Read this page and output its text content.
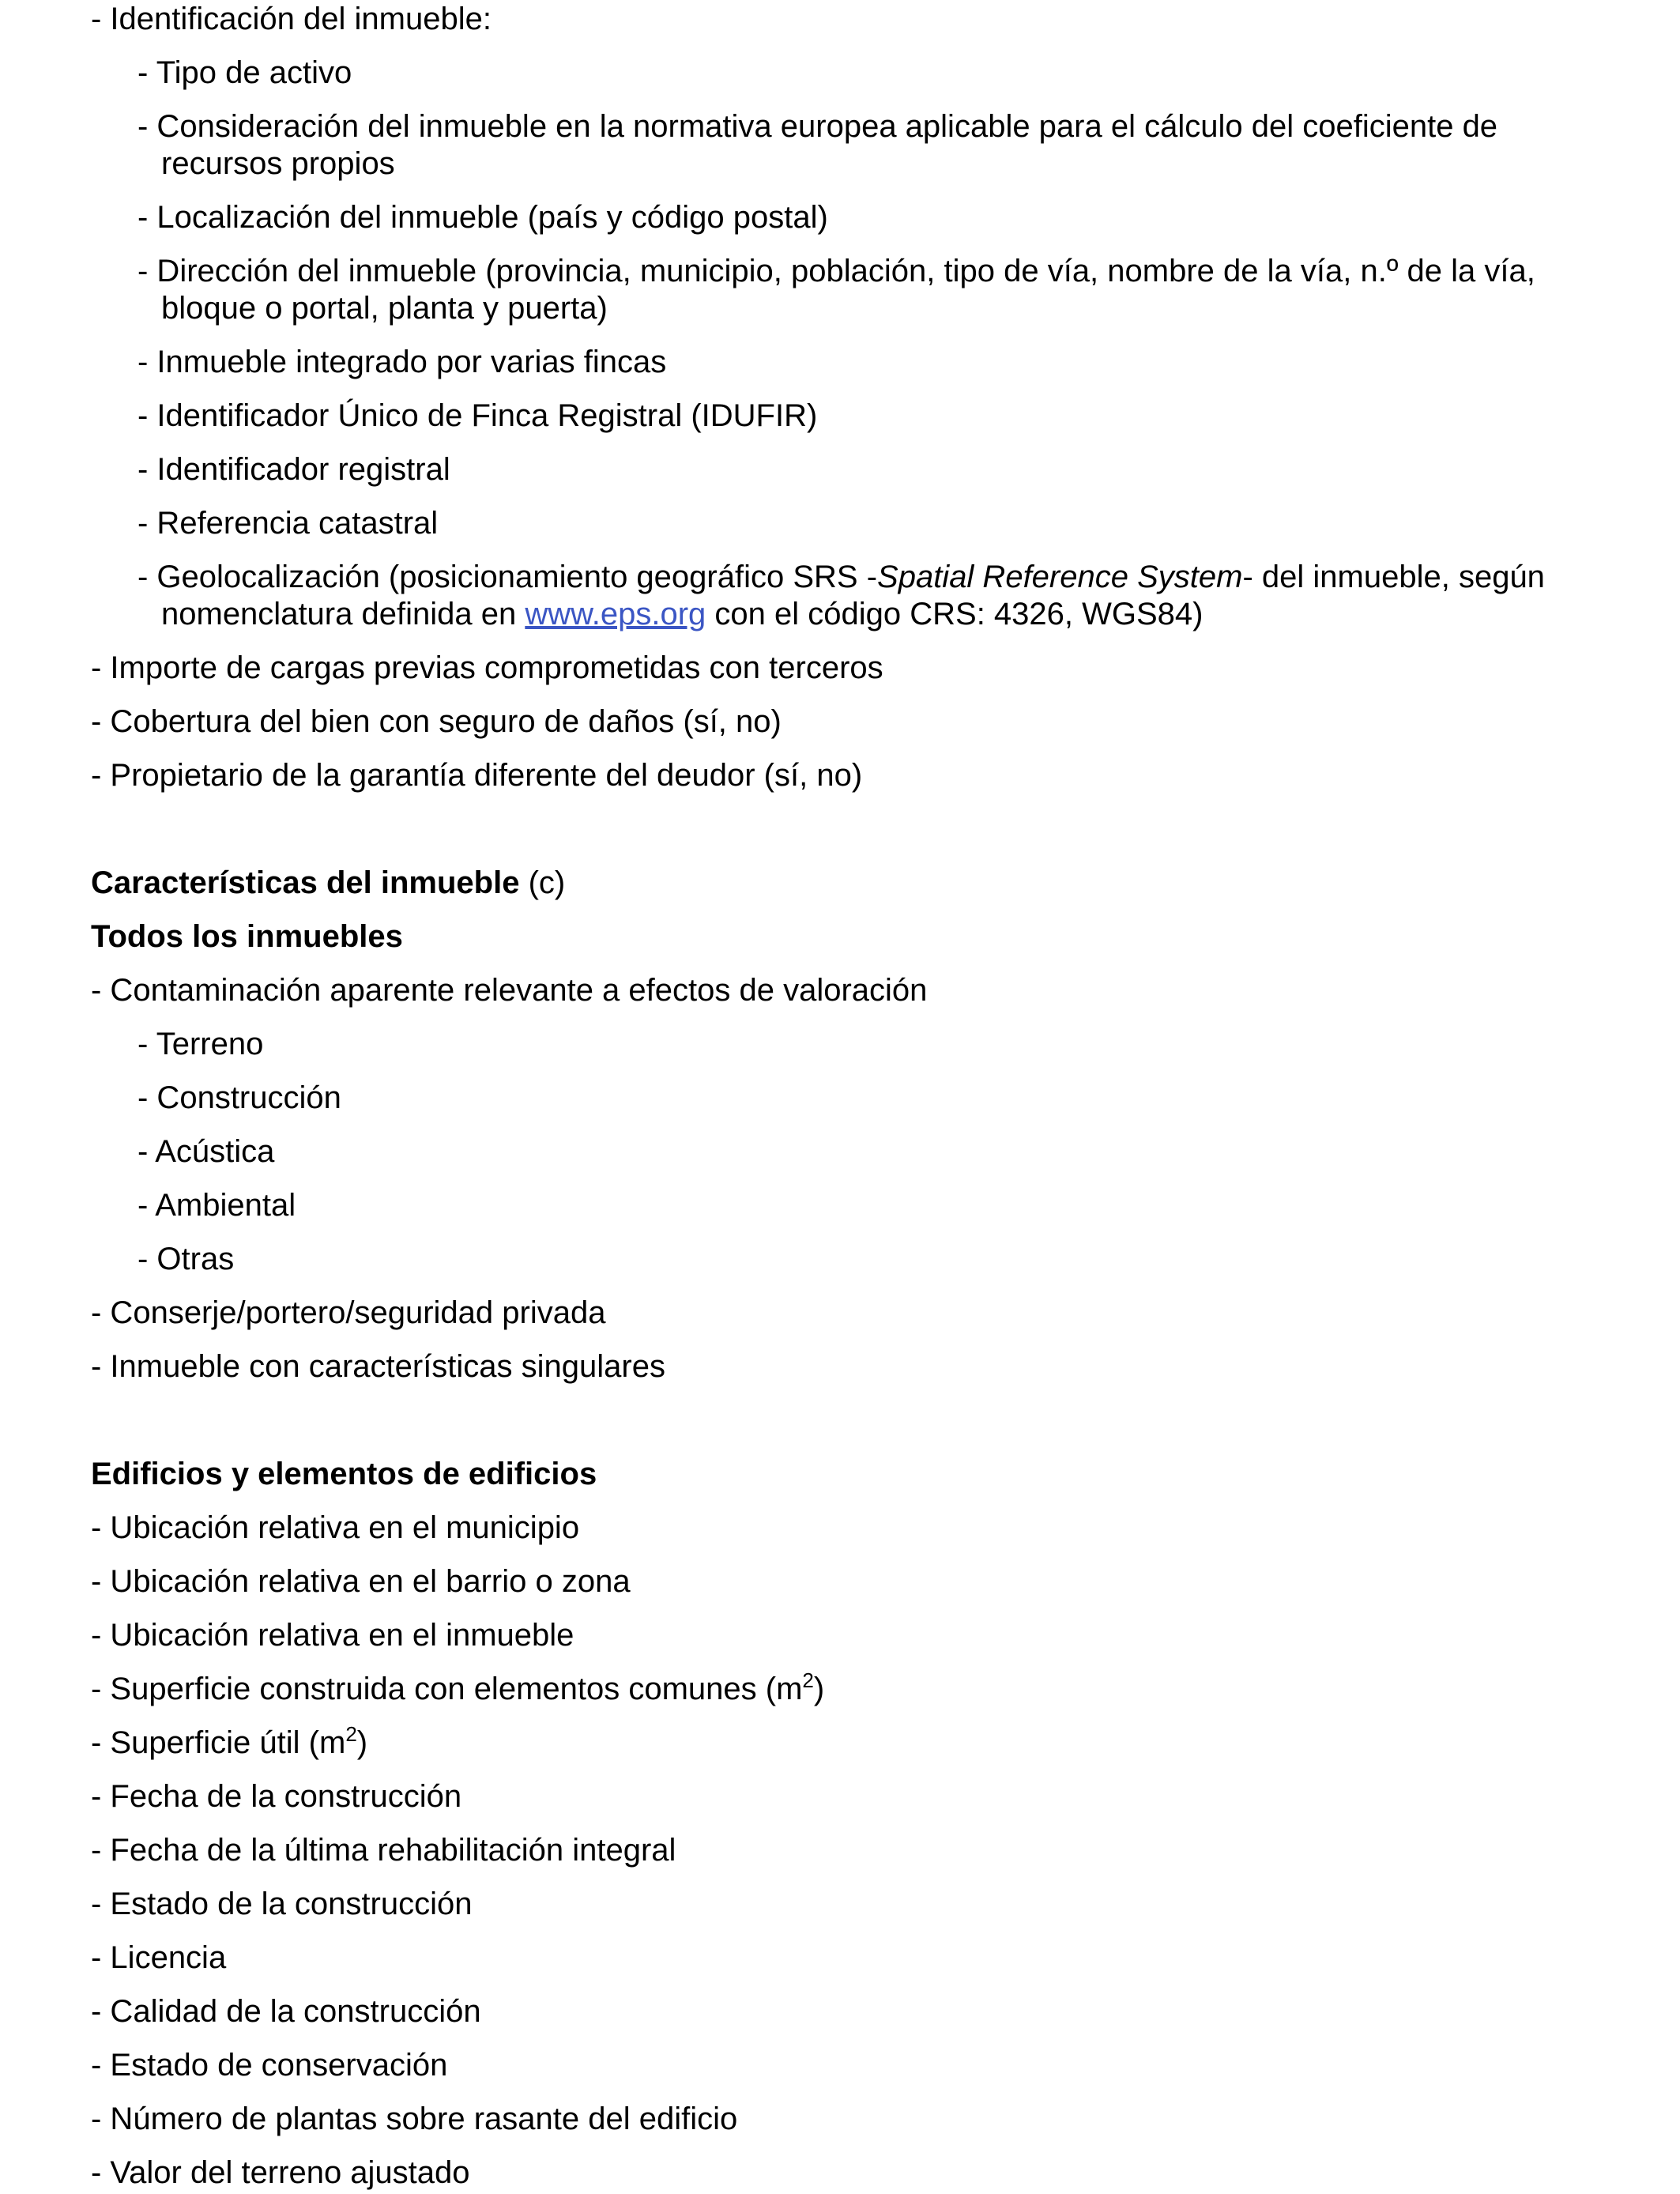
- Identificación del inmueble:
- Tipo de activo
- Consideración del inmueble en la normativa europea aplicable para el cálculo del coeficiente de
recursos propios
- Localización del inmueble (país y código postal)
- Dirección del inmueble (provincia, municipio, población, tipo de vía, nombre de la vía, n.º de la vía,
bloque o portal, planta y puerta)
- Inmueble integrado por varias fincas
- Identificador Único de Finca Registral (IDUFIR)
- Identificador registral
- Referencia catastral
- Geolocalización (posicionamiento geográfico SRS -Spatial Reference System- del inmueble, según
nomenclatura definida en www.eps.org con el código CRS: 4326, WGS84)
- Importe de cargas previas comprometidas con terceros
- Cobertura del bien con seguro de daños (sí, no)
- Propietario de la garantía diferente del deudor (sí, no)
Características del inmueble (c)
Todos los inmuebles
- Contaminación aparente relevante a efectos de valoración
- Terreno
- Construcción
- Acústica
- Ambiental
- Otras
- Conserje/portero/seguridad privada
- Inmueble con características singulares
Edificios y elementos de edificios
- Ubicación relativa en el municipio
- Ubicación relativa en el barrio o zona
- Ubicación relativa en el inmueble
- Superficie construida con elementos comunes $(m^2)$
- Superficie útil $(m^2)$
- Fecha de la construcción
- Fecha de la última rehabilitación integral
- Estado de la construcción
- Licencia
- Calidad de la construcción
- Estado de conservación
- Número de plantas sobre rasante del edificio
- Valor del terreno ajustado
